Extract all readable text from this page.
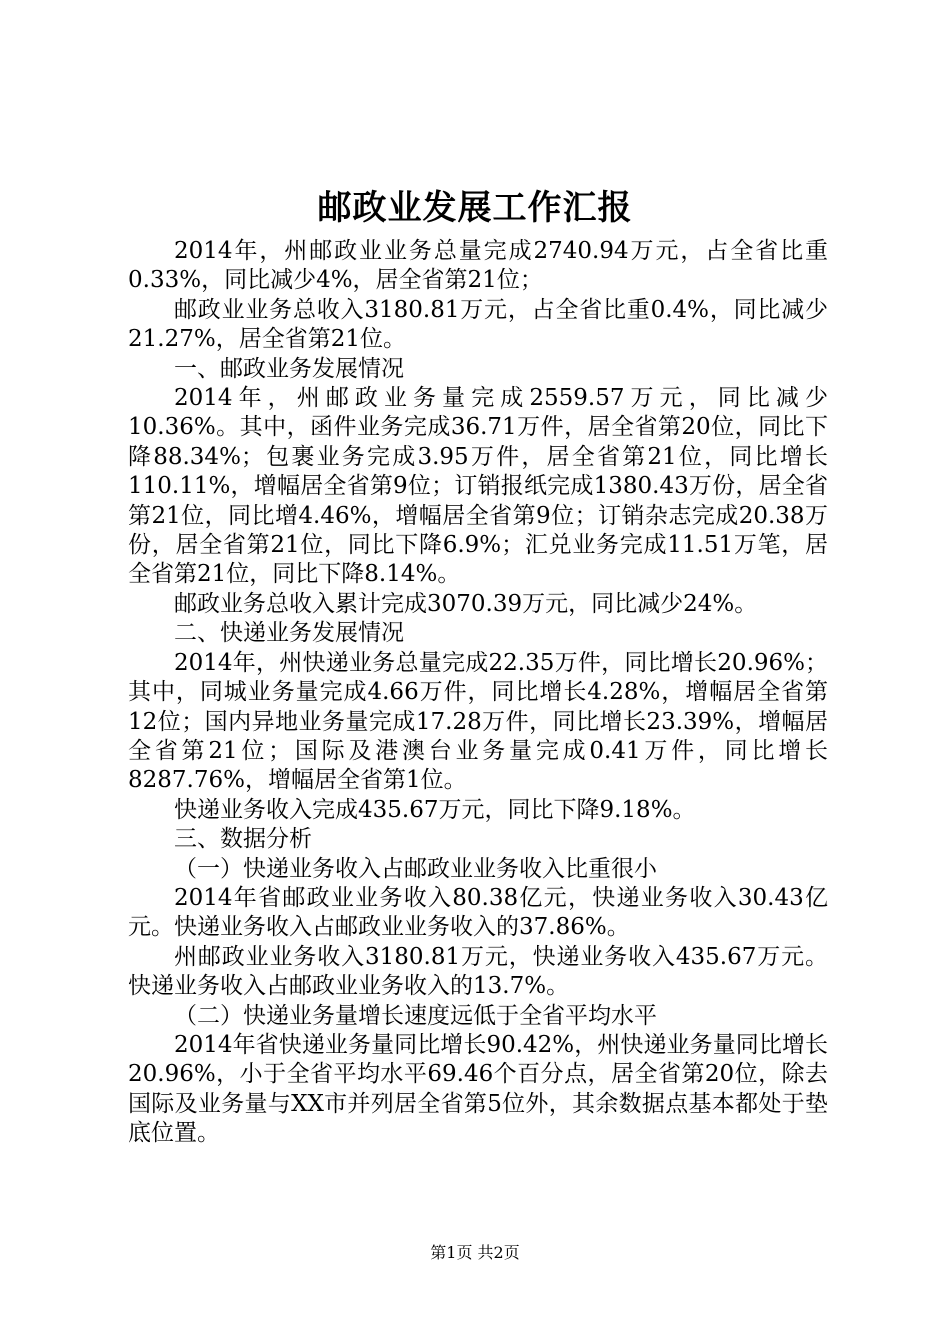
邮政业发展工作汇报

2014年，州邮政业业务总量完成2740.94万元，占全省比重0.33%，同比减少4%，居全省第21位；

邮政业业务总收入3180.81万元，占全省比重0.4%，同比减少21.27%，居全省第21位。

一、邮政业务发展情况

2014年，州邮政业务量完成2559.57万元，同比减少10.36%。其中，函件业务完成36.71万件，居全省第20位，同比下降88.34%；包裹业务完成3.95万件，居全省第21位，同比增长110.11%，增幅居全省第9位；订销报纸完成1380.43万份，居全省第21位，同比增4.46%，增幅居全省第9位；订销杂志完成20.38万份，居全省第21位，同比下降6.9%；汇兑业务完成11.51万笔，居全省第21位，同比下降8.14%。

邮政业务总收入累计完成3070.39万元，同比减少24%。

二、快递业务发展情况

2014年，州快递业务总量完成22.35万件，同比增长20.96%；其中，同城业务量完成4.66万件，同比增长4.28%，增幅居全省第12位；国内异地业务量完成17.28万件，同比增长23.39%，增幅居全省第21位；国际及港澳台业务量完成0.41万件，同比增长8287.76%，增幅居全省第1位。

快递业务收入完成435.67万元，同比下降9.18%。

三、数据分析

（一）快递业务收入占邮政业业务收入比重很小

2014年省邮政业业务收入80.38亿元，快递业务收入30.43亿元。快递业务收入占邮政业业务收入的37.86%。

州邮政业业务收入3180.81万元，快递业务收入435.67万元。快递业务收入占邮政业业务收入的13.7%。

（二）快递业务量增长速度远低于全省平均水平

2014年省快递业务量同比增长90.42%，州快递业务量同比增长20.96%，小于全省平均水平69.46个百分点，居全省第20位，除去国际及业务量与XX市并列居全省第5位外，其余数据点基本都处于垫底位置。

第1页 共2页
